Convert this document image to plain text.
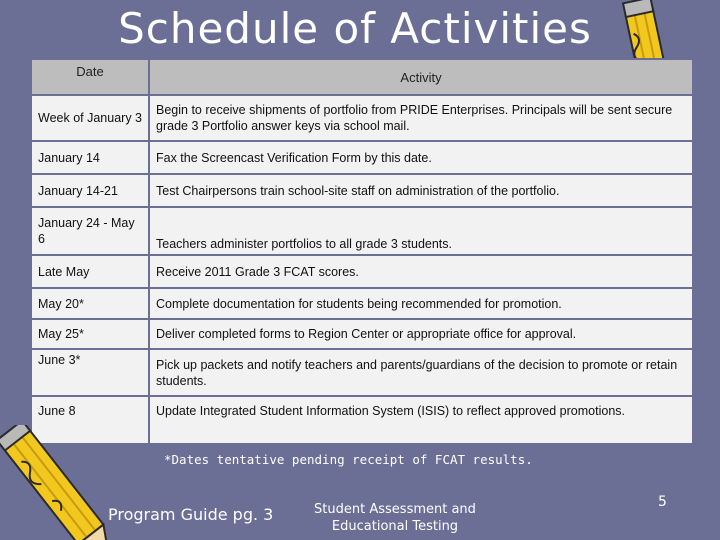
Schedule of Activities
Date	Activity
Week of January 3	Begin to receive shipments of portfolio from PRIDE Enterprises. Principals will be sent secure grade 3 Portfolio answer keys via school mail.
January 14	Fax the Screencast Verification Form by this date.
January 14-21	Test Chairpersons train school-site staff on administration of the portfolio.
January 24 - May 6	Teachers administer portfolios to all grade 3 students.
Late May	Receive 2011 Grade 3 FCAT scores.
May 20*	Complete documentation for students being recommended for promotion.
May 25*	Deliver completed forms to Region Center or appropriate office for approval.
June 3*	Pick up packets and notify teachers and parents/guardians of the decision to promote or retain students.
June 8	Update Integrated Student Information System (ISIS) to reflect approved promotions.
*Dates tentative pending receipt of FCAT results.
Program Guide pg. 3	Student Assessment and
Educational Testing
5
